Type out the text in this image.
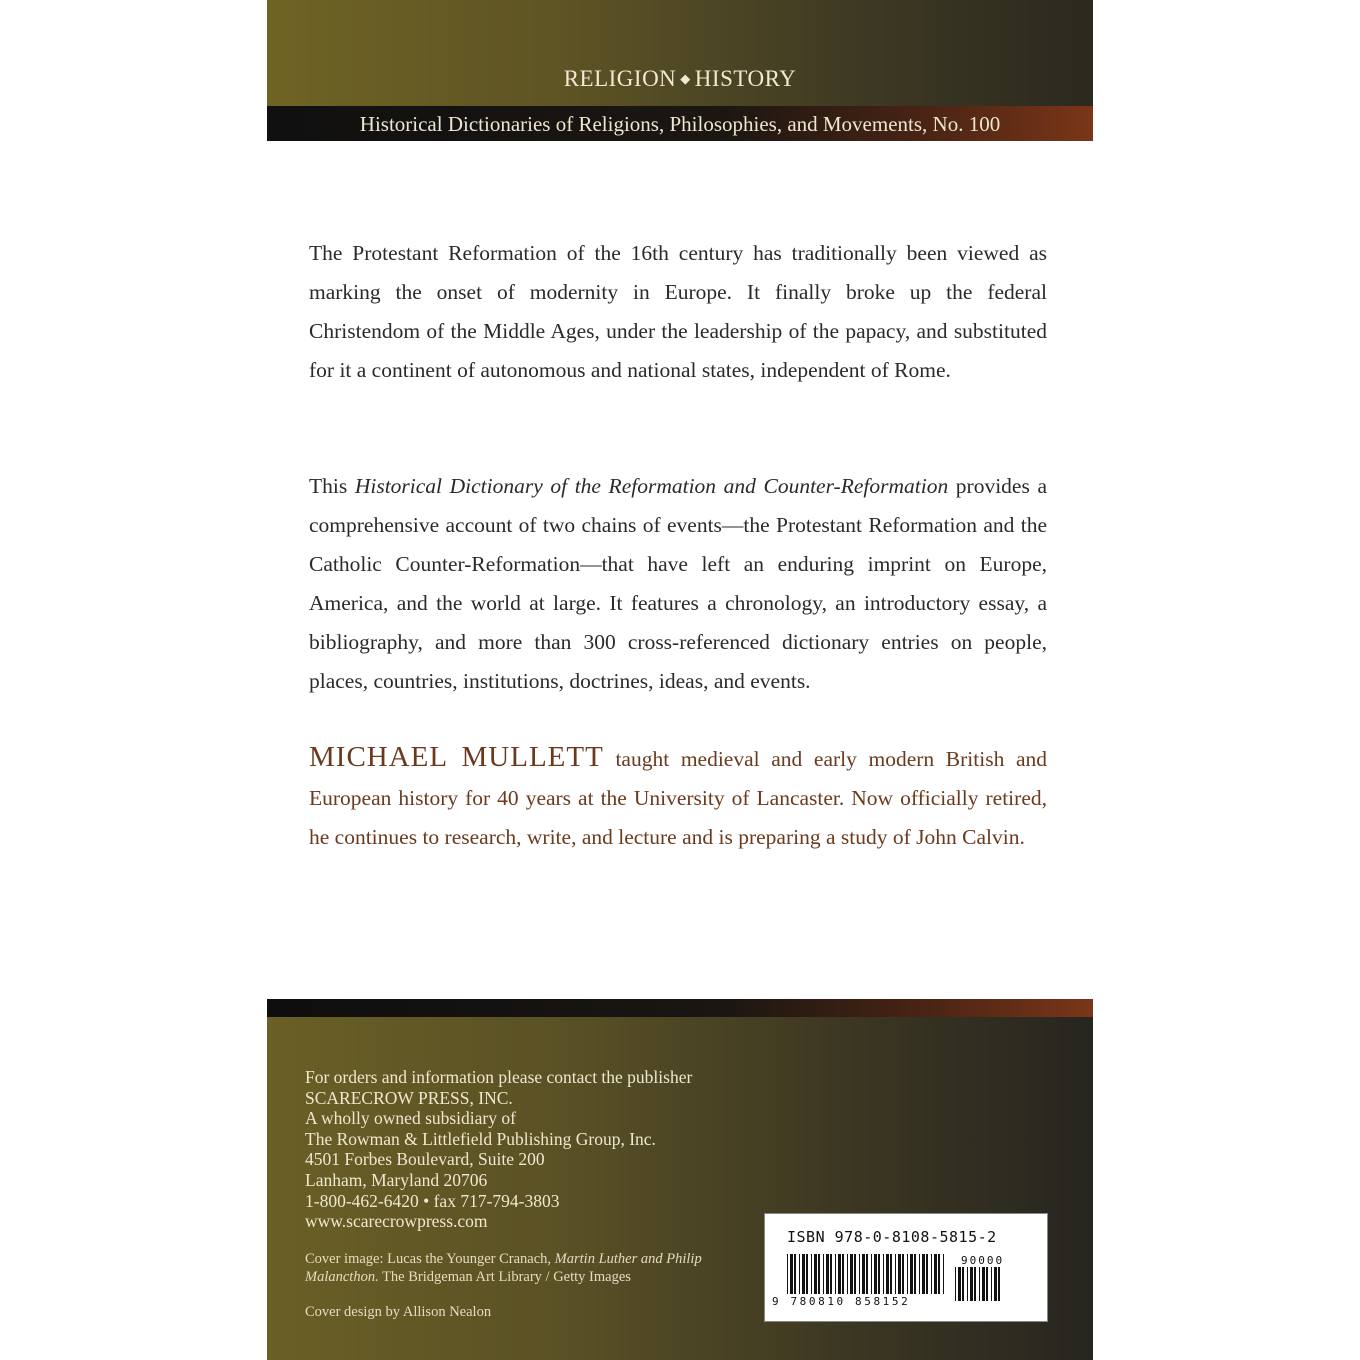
RELIGION ◆ HISTORY
Historical Dictionaries of Religions, Philosophies, and Movements, No. 100
The Protestant Reformation of the 16th century has traditionally been viewed as marking the onset of modernity in Europe. It finally broke up the federal Christendom of the Middle Ages, under the leadership of the papacy, and substituted for it a continent of autonomous and national states, independent of Rome.
This Historical Dictionary of the Reformation and Counter-Reformation provides a comprehensive account of two chains of events—the Protestant Reformation and the Catholic Counter-Reformation—that have left an enduring imprint on Europe, America, and the world at large. It features a chronology, an introductory essay, a bibliography, and more than 300 cross-referenced dictionary entries on people, places, countries, institutions, doctrines, ideas, and events.
MICHAEL MULLETT taught medieval and early modern British and European history for 40 years at the University of Lancaster. Now officially retired, he continues to research, write, and lecture and is preparing a study of John Calvin.
For orders and information please contact the publisher
SCARECROW PRESS, INC.
A wholly owned subsidiary of
The Rowman & Littlefield Publishing Group, Inc.
4501 Forbes Boulevard, Suite 200
Lanham, Maryland 20706
1-800-462-6420 • fax 717-794-3803
www.scarecrowpress.com
Cover image: Lucas the Younger Cranach, Martin Luther and Philip
Malancthon. The Bridgeman Art Library / Getty Images
Cover design by Allison Nealon
ISBN 978-0-8108-5815-2
90000
9 780810 858152
